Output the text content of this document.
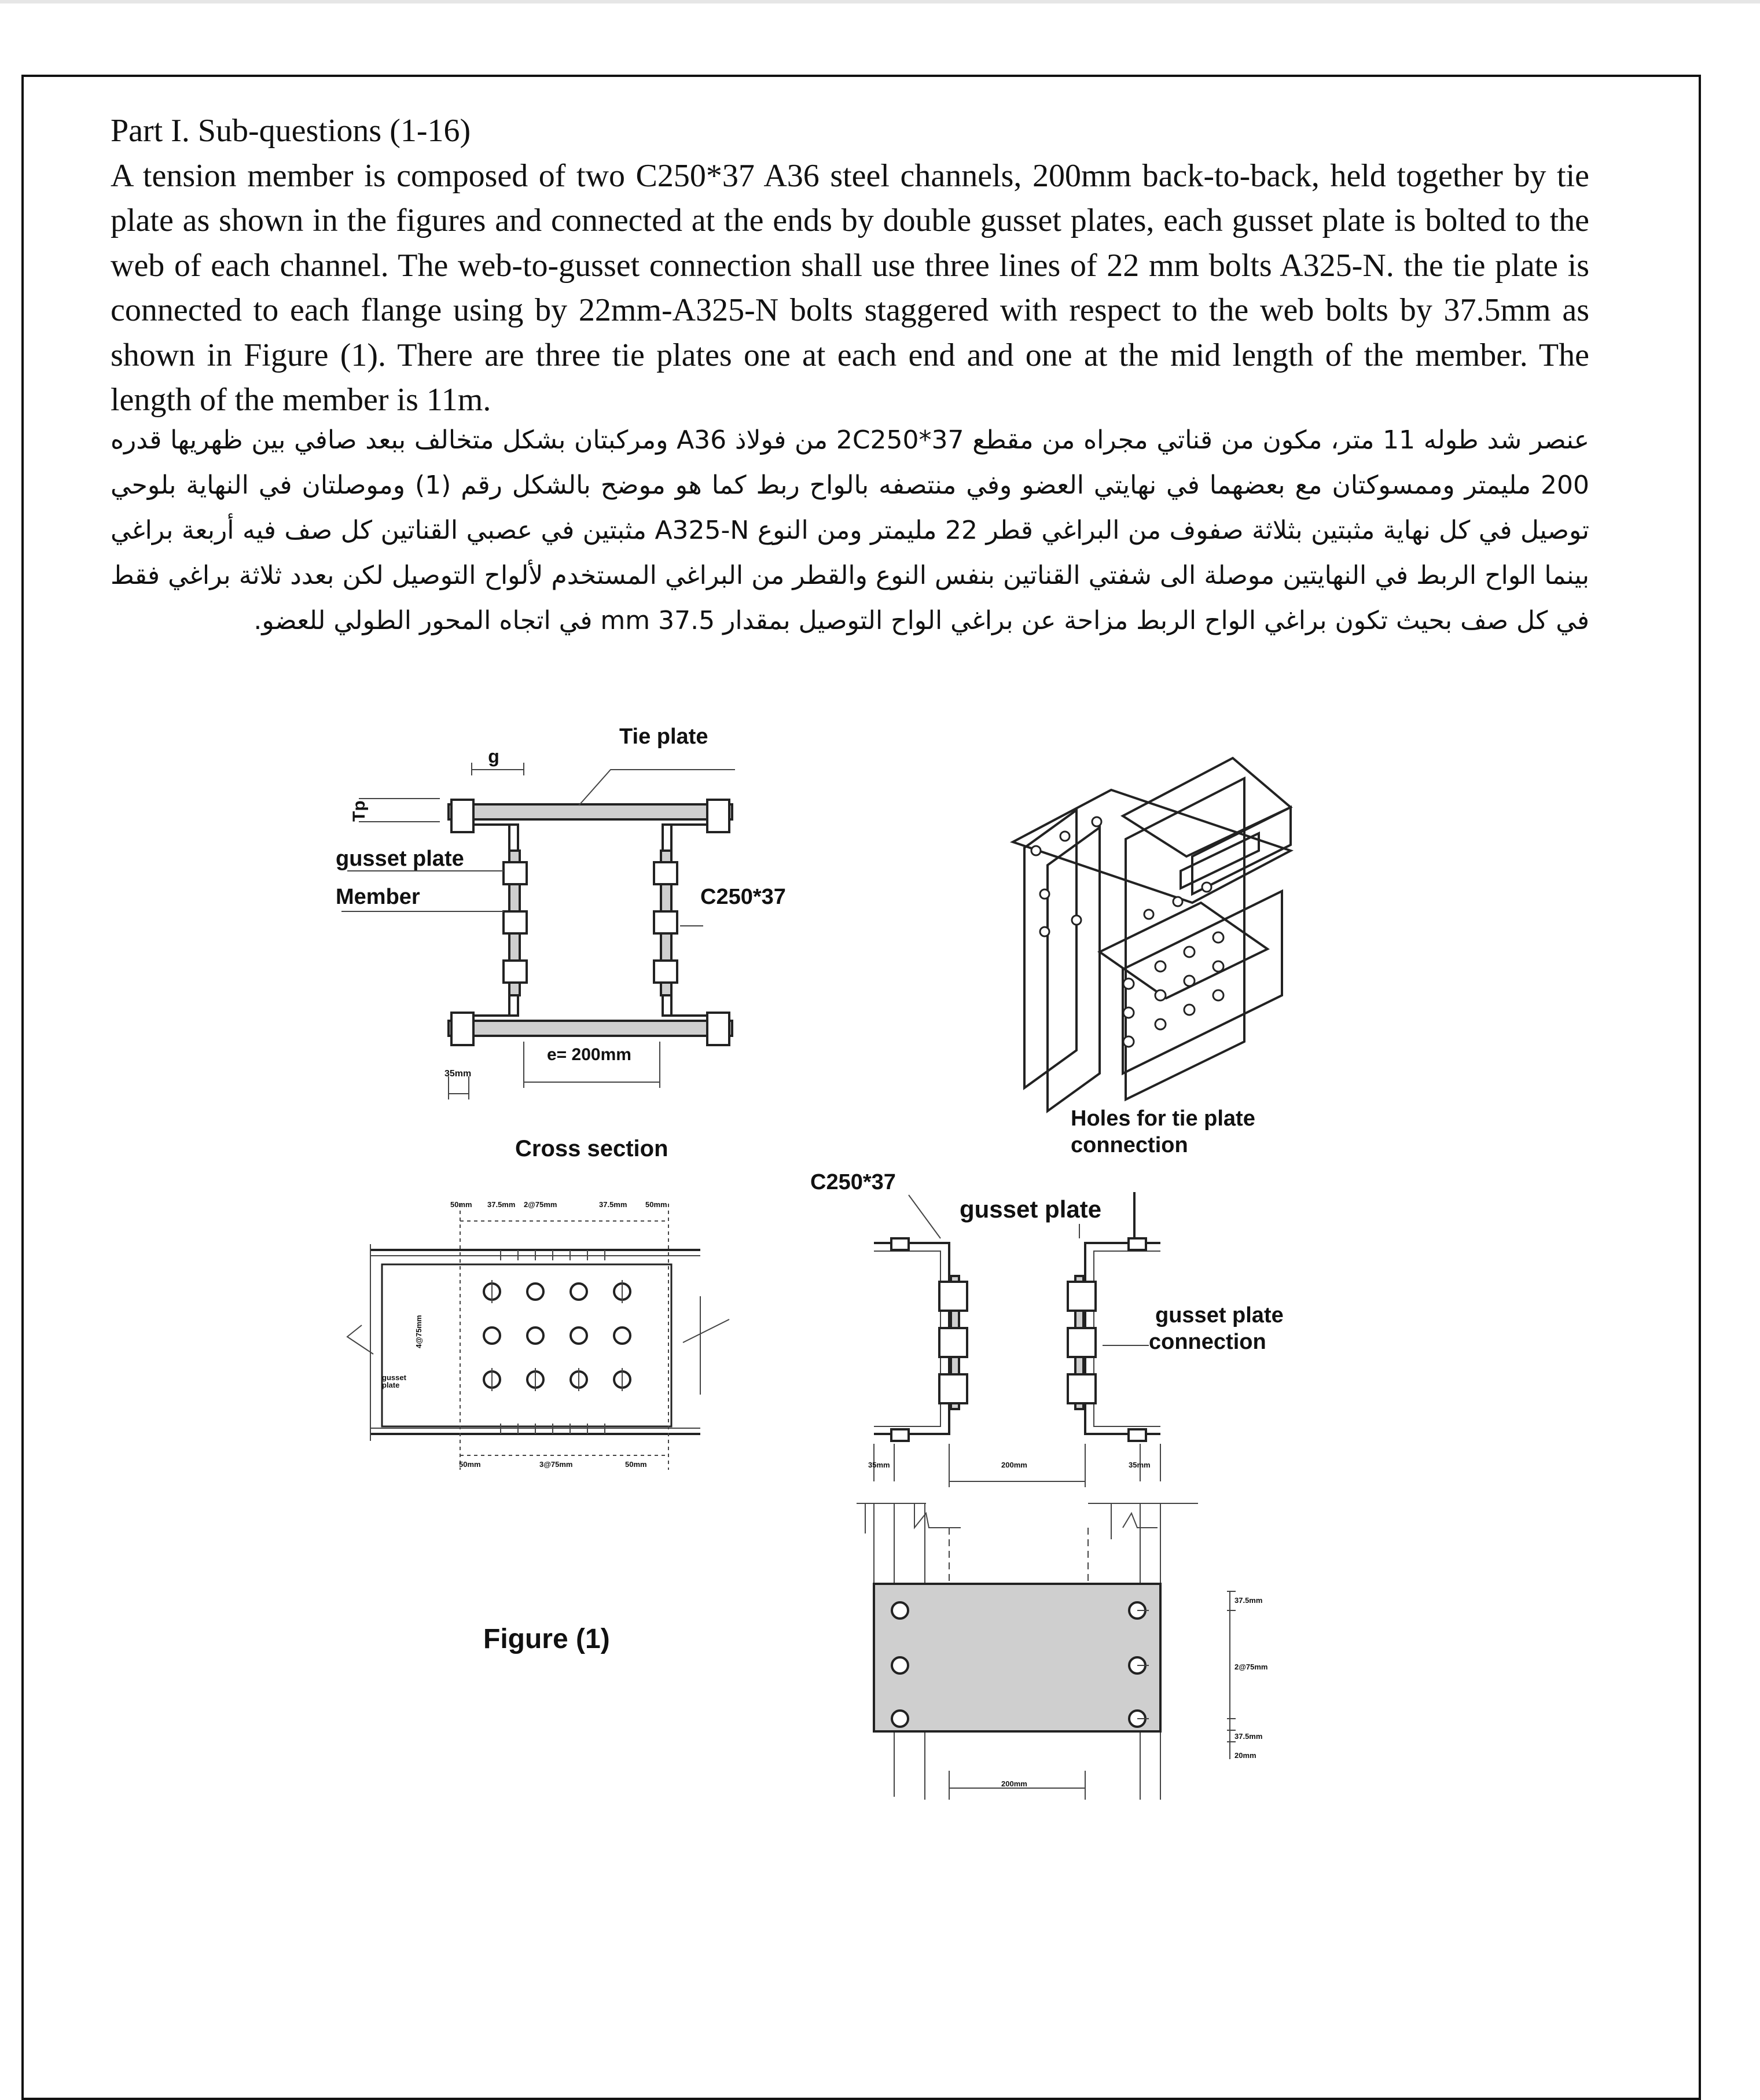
Part I. Sub-questions (1-16)

A tension member is composed of two C250*37 A36 steel channels, 200mm back-to-back, held together by tie plate as shown in the figures and connected at the ends by double gusset plates, each gusset plate is bolted to the web of each channel. The web-to-gusset connection shall use three lines of 22 mm bolts A325-N. the tie plate is connected to each flange using by 22mm-A325-N bolts staggered with respect to the web bolts by 37.5mm as shown in Figure (1). There are three tie plates one at each end and one at the mid length of the member. The length of the member is 11m.

عنصر شد طوله 11 متر، مكون من قناتي مجراه من مقطع 2C250*37 من فولاذ A36 ومركبتان بشكل متخالف ببعد صافي بين ظهريها قدره 200 مليمتر وممسوكتان مع بعضهما في نهايتي العضو وفي منتصفه بالواح ربط كما هو موضح بالشكل رقم (1) وموصلتان في النهاية بلوحي توصيل في كل نهاية مثبتين بثلاثة صفوف من البراغي قطر 22 مليمتر ومن النوع A325-N مثبتين في عصبي القناتين كل صف فيه أربعة براغي بينما الواح الربط في النهايتين موصلة الى شفتي القناتين بنفس النوع والقطر من البراغي المستخدم لألواح التوصيل لكن بعدد ثلاثة براغي فقط في كل صف بحيث تكون براغي الواح الربط مزاحة عن براغي الواح التوصيل بمقدار 37.5 mm في اتجاه المحور الطولي للعضو.
Tie plate
g
Tp
gusset plate
Member	C250*37
e= 200mm
35mm
Cross section
Holes for tie plate connection
50mm 37.5mm 2@75mm	37.5mm 50mm
50mm	3@75mm	50mm
4@75mm
gusset plate
Figure (1)
C250*37
gusset plate
gusset plate connection
35mm	200mm	35mm
37.5mm
2@75mm
37.5mm
20mm
200mm
